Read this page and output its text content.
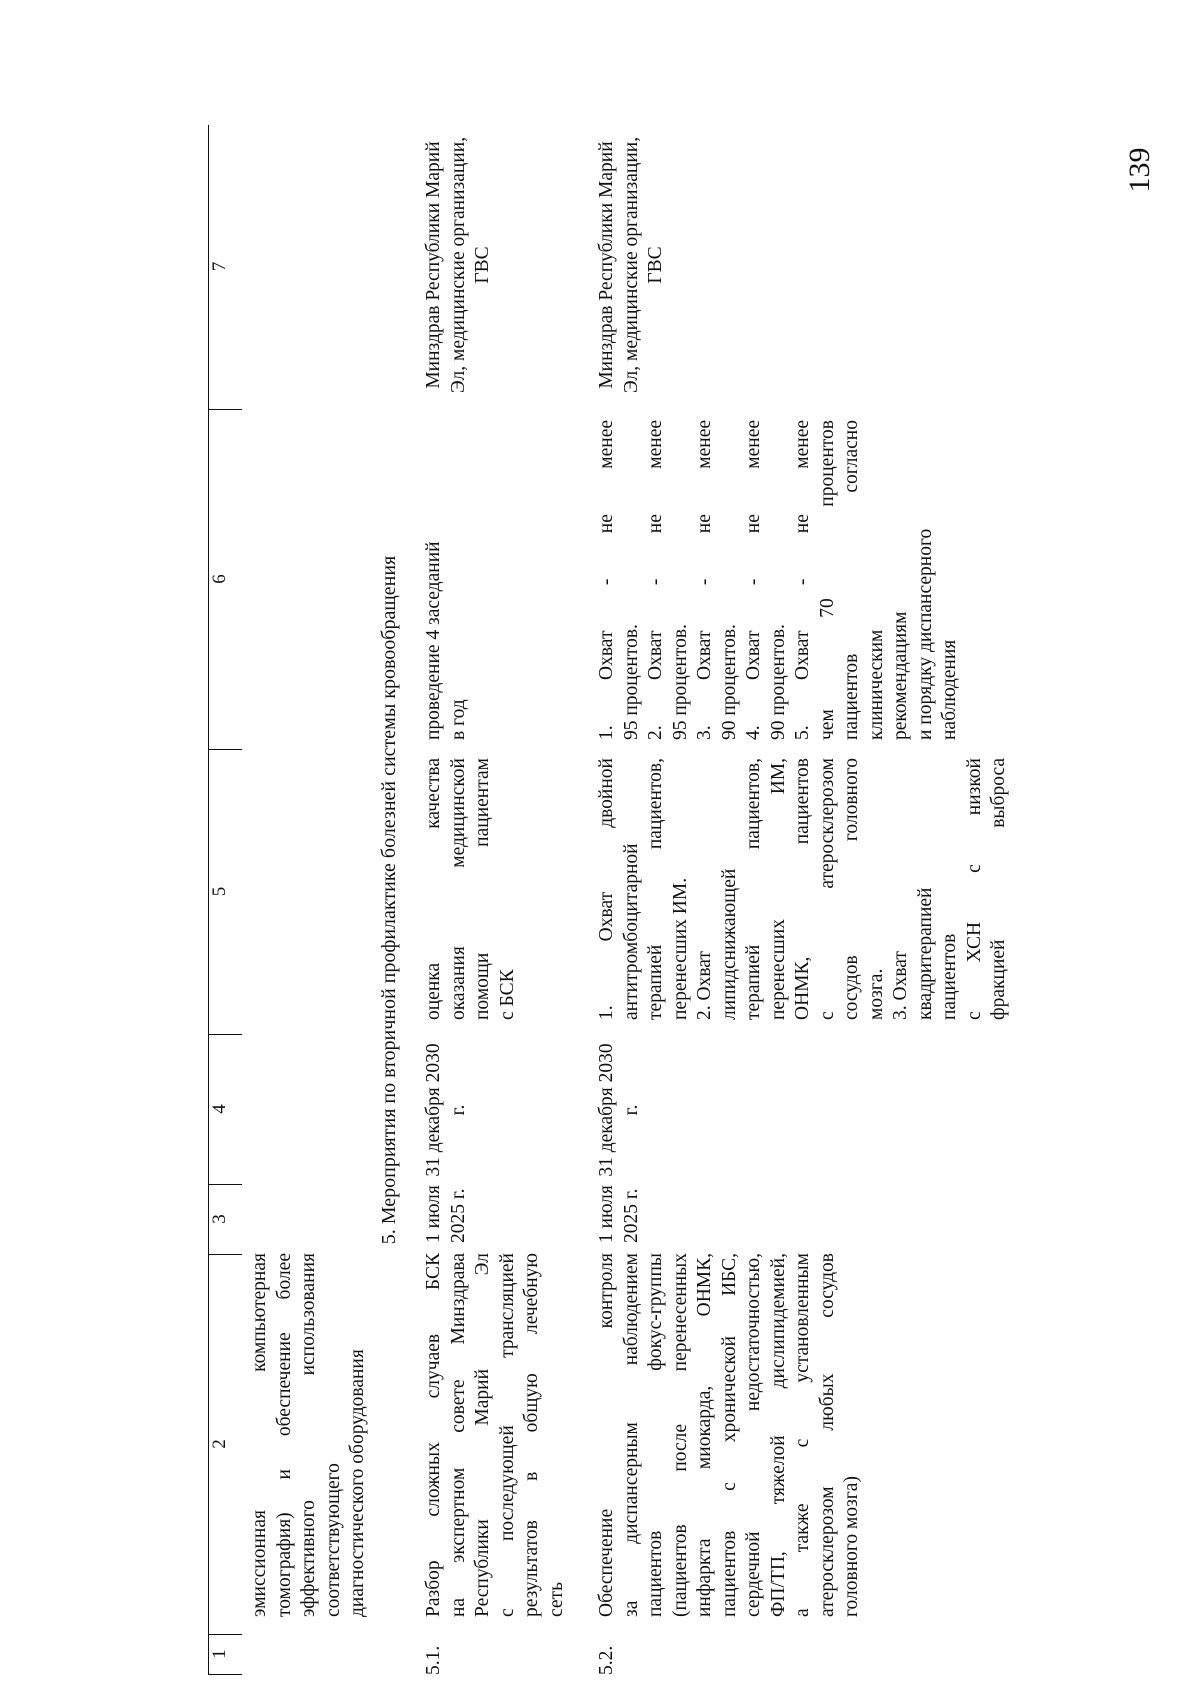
139
1
2
3
4
5
6
7
эмиссионная компьютерная томография) и обеспечение более эффективного использования соответствующего диагностического оборудования
5. Мероприятия по вторичной профилактике болезней системы кровообращения
5.1.
Разбор сложных случаев БСК на экспертном совете Минздрава Республики Марий Эл с последующей трансляцией результатов в общую лечебную сеть
1 июля 2025 г.
31 декабря 2030 г.
оценка качества оказания медицинской помощи пациентам с БСК
проведение 4 заседаний в год
Минздрав Республики Марий Эл, медицинские организации, ГВС
5.2.
Обеспечение контроля за диспансерным наблюдением пациентов фокус-группы (пациентов после перенесенных инфаркта миокарда, ОНМК, пациентов с хронической ИБС, сердечной недостаточностью, ФП/ТП, тяжелой дислипидемией, а также с установленным атеросклерозом любых сосудов головного мозга)
1 июля 2025 г.
31 декабря 2030 г.
1. Охват двойной антитромбоцитарной терапией пациентов, перенесших ИМ. 2. Охват липидснижающей терапией пациентов, перенесших ИМ, ОНМК, пациентов с атеросклерозом сосудов головного мозга. 3. Охват квадритерапией пациентов с ХСН с низкой фракцией выброса
1. Охват - не менее 95 процентов. 2. Охват - не менее 95 процентов. 3. Охват - не менее 90 процентов. 4. Охват - не менее 90 процентов. 5. Охват - не менее чем 70 процентов пациентов согласно клиническим рекомендациям и порядку диспансерного наблюдения
Минздрав Республики Марий Эл, медицинские организации, ГВС
